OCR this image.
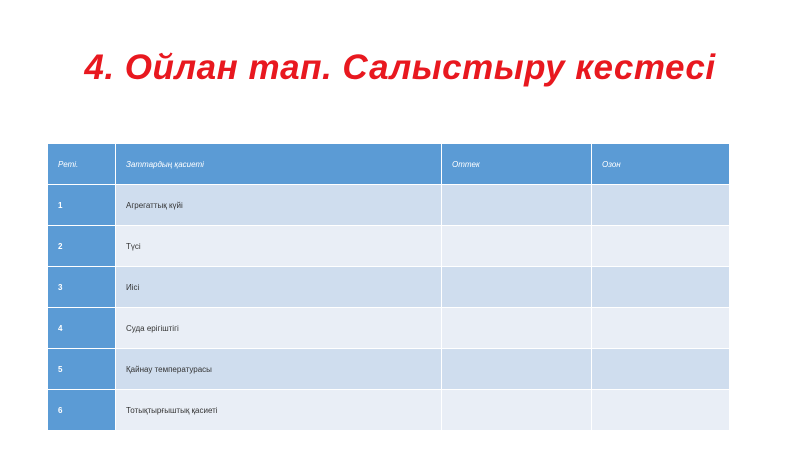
4. Ойлан тап. Салыстыру кестесі
Реті.	Заттардың қасиеті	Оттек	Озон
1	Агрегаттық күйі		
2	Түсі		
3	Иісі		
4	Суда ерігіштігі		
5	Қайнау температурасы		
6	Тотықтырғыштық қасиеті		
